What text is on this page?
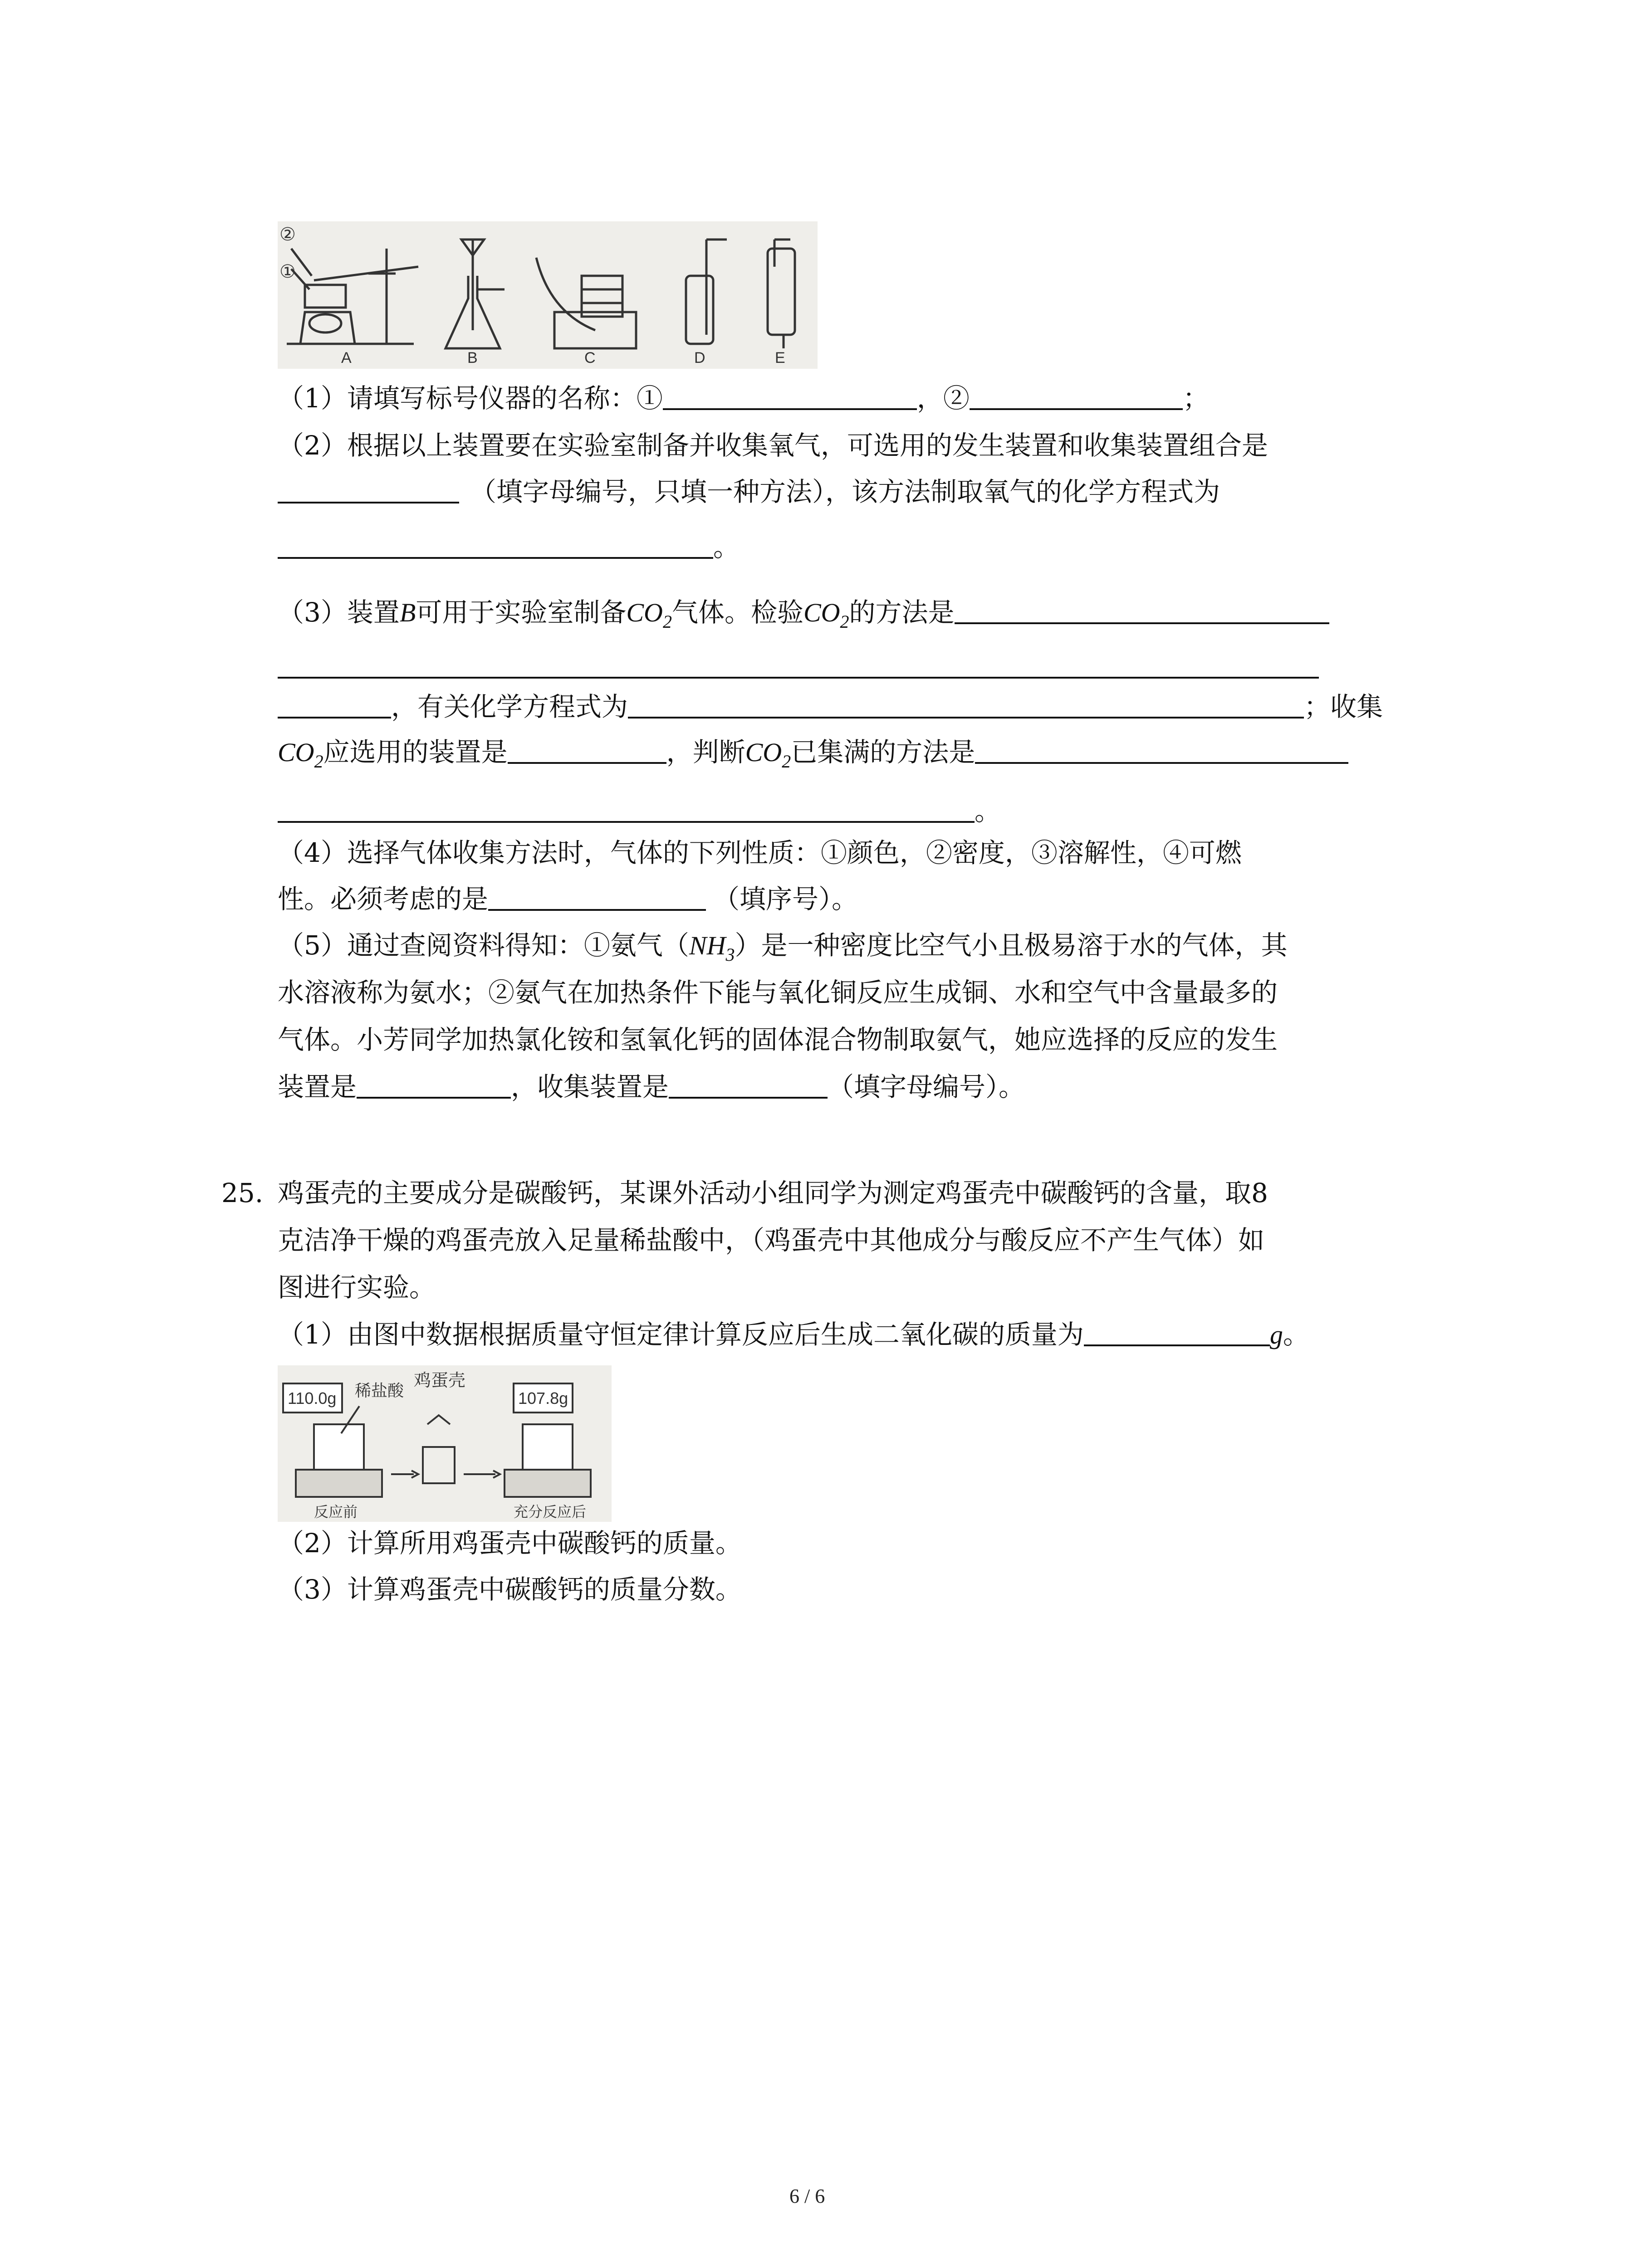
②
①
A	B	C	D	E
（1）请填写标号仪器的名称：①	，②	；
（2）根据以上装置要在实验室制备并收集氧气，可选用的发生装置和收集装置组合是
（填字母编号，只填一种方法），该方法制取氧气的化学方程式为
。
（3）装置B可用于实验室制备$CO_2$气体。检验$CO_2$的方法是
，有关化学方程式为	；收集
$CO_2$应选用的装置是	，判断$CO_2$已集满的方法是
。
（4）选择气体收集方法时，气体的下列性质：①颜色，②密度，③溶解性，④可燃
性。必须考虑的是	（填序号）。
（5）通过查阅资料得知：①氨气$(NH_3)$是一种密度比空气小且极易溶于水的气体，其
水溶液称为氨水；②氨气在加热条件下能与氧化铜反应生成铜、水和空气中含量最多的
气体。小芳同学加热氯化铵和氢氧化钙的固体混合物制取氨气，她应选择的反应的发生
装置是	，收集装置是	（填字母编号）。
25. 鸡蛋壳的主要成分是碳酸钙，某课外活动小组同学为测定鸡蛋壳中碳酸钙的含量，取8
克洁净干燥的鸡蛋壳放入足量稀盐酸中，（鸡蛋壳中其他成分与酸反应不产生气体）如
图进行实验。
（1）由图中数据根据质量守恒定律计算反应后生成二氧化碳的质量为	g。
110.0g 稀盐酸
鸡蛋壳
107.8g
反应前	充分反应后
（2）计算所用鸡蛋壳中碳酸钙的质量。
（3）计算鸡蛋壳中碳酸钙的质量分数。
6 / 6
